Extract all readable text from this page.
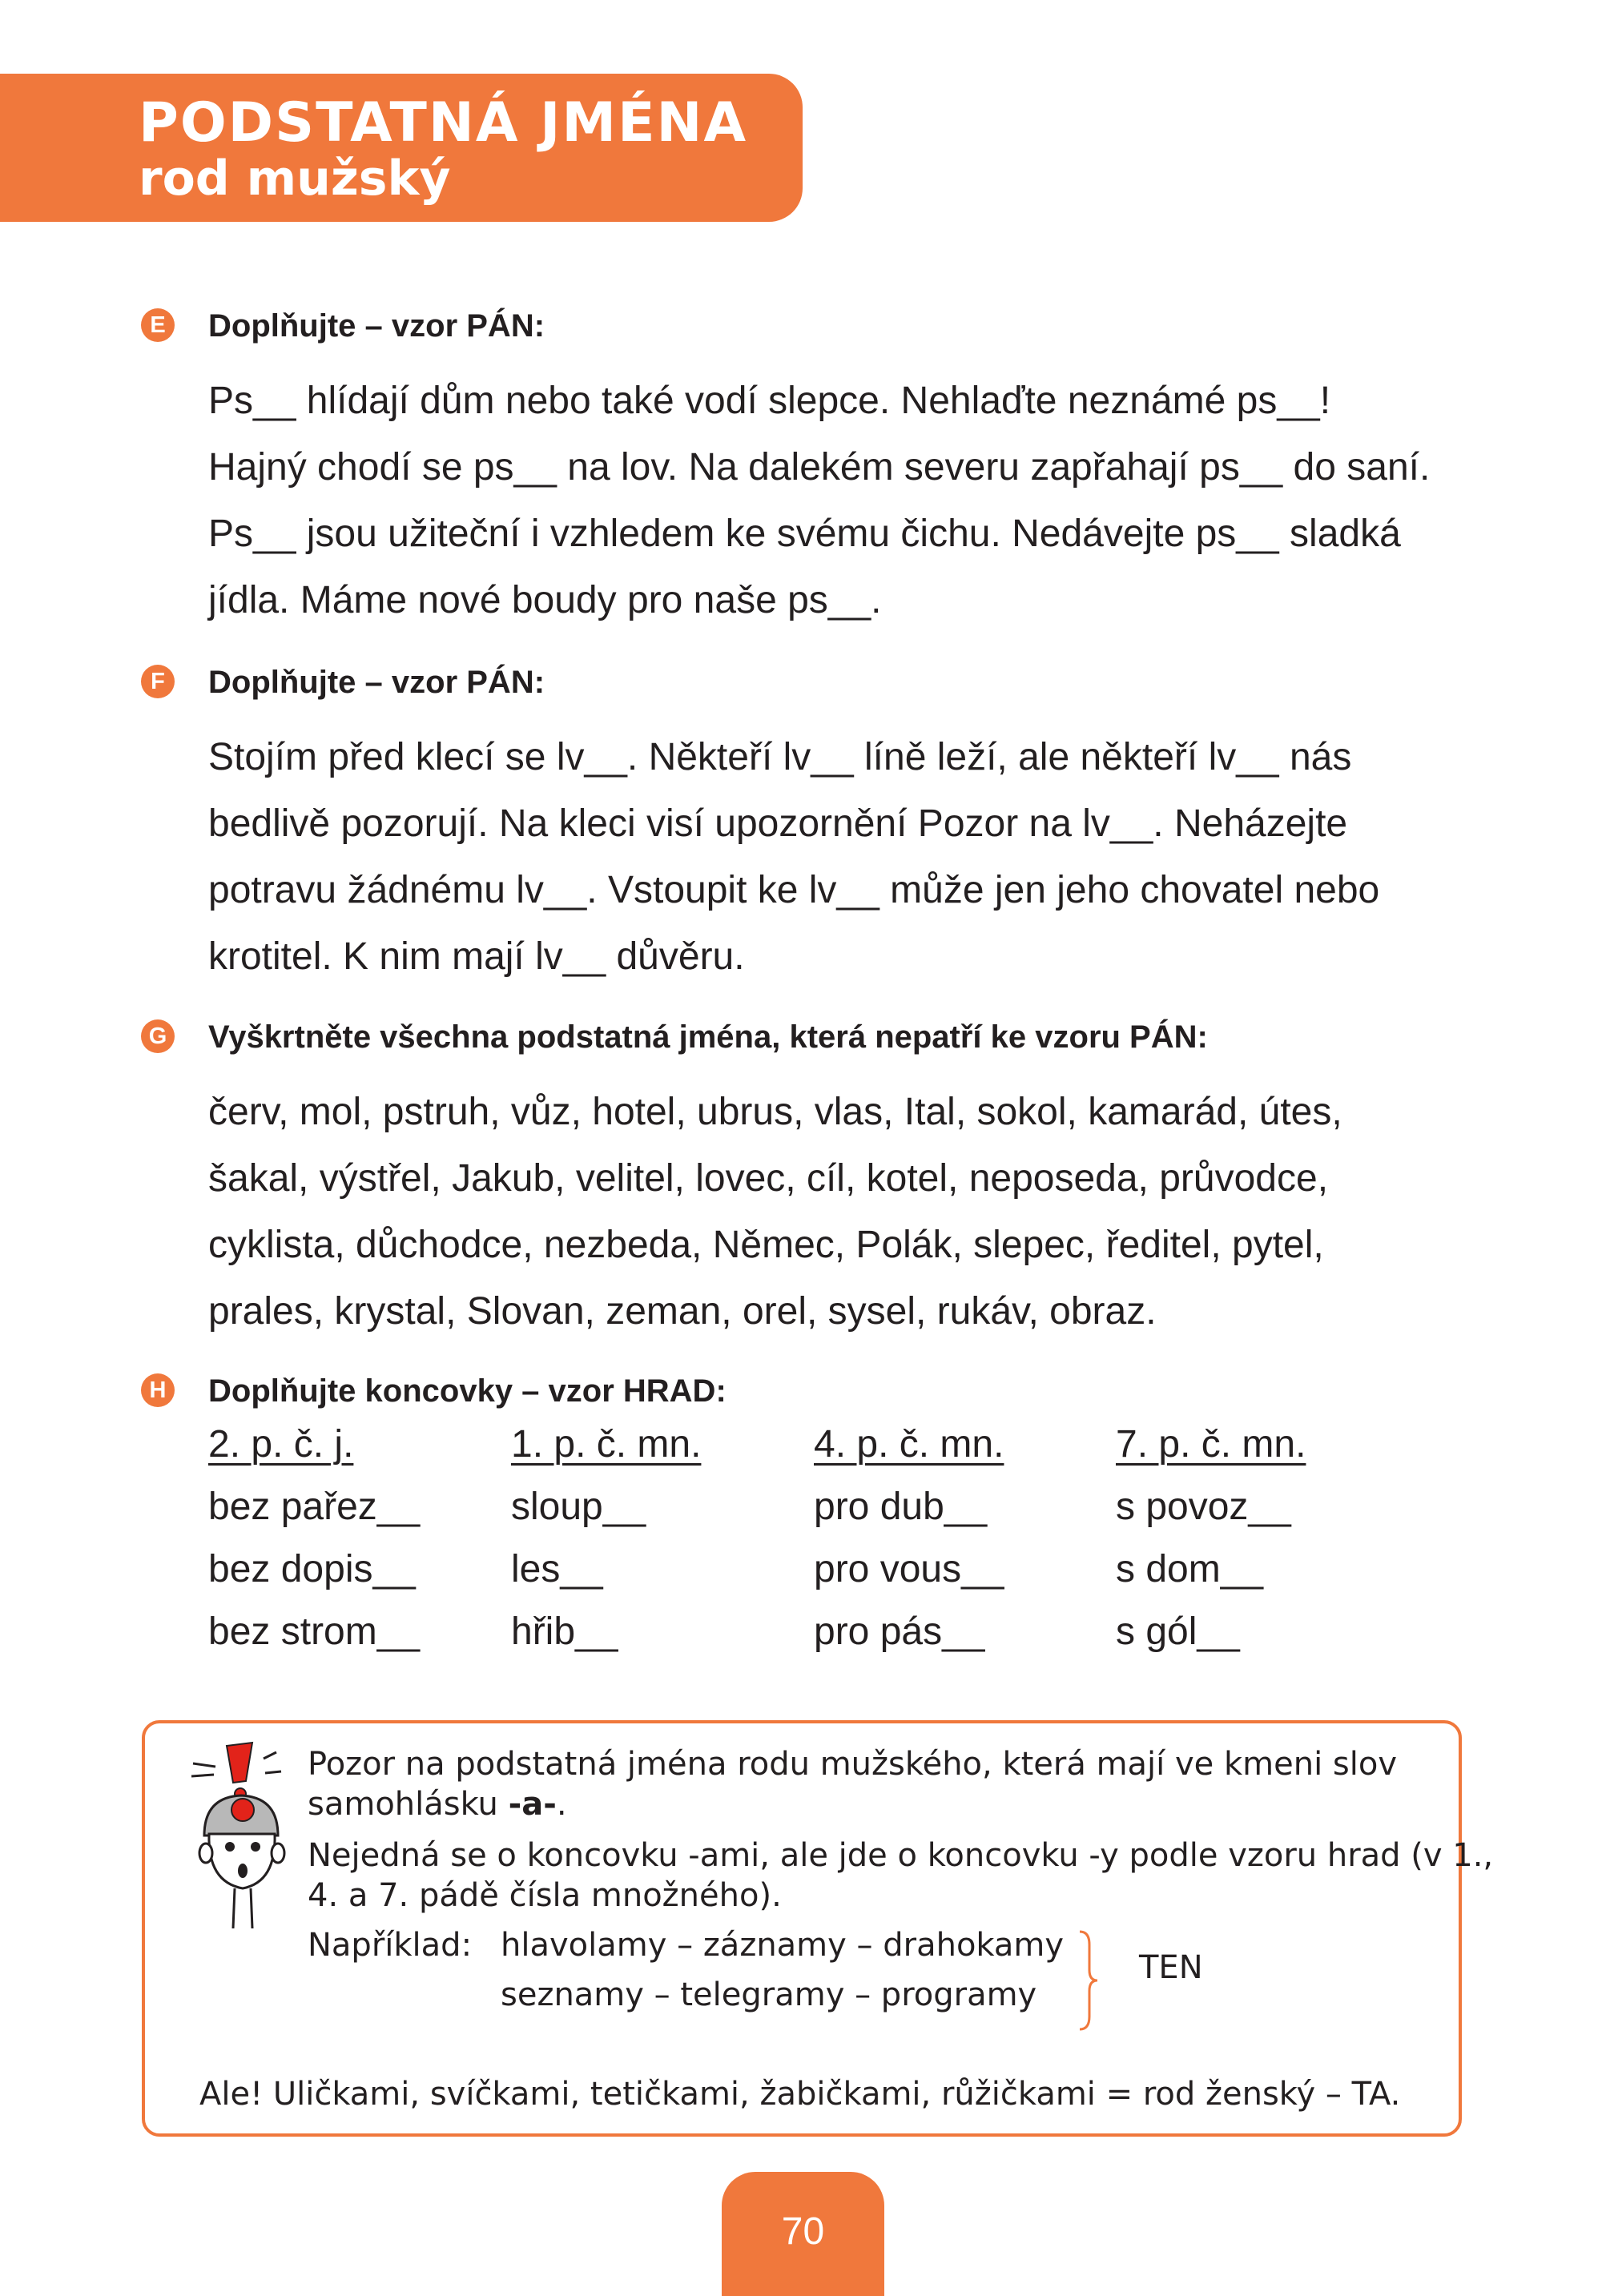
PODSTATNÁ JMÉNA
rod mužský
E Doplňujte – vzor PÁN:

Ps__ hlídají dům nebo také vodí slepce. Nehlaďte neznámé ps__!

Hajný chodí se ps__ na lov. Na dalekém severu zapřahají ps__ do saní.

Ps__ jsou užiteční i vzhledem ke svému čichu. Nedávejte ps__ sladká

jídla. Máme nové boudy pro naše ps__.

F	Doplňujte – vzor PÁN:

Stojím před klecí se lv__. Někteří lv__ líně leží, ale někteří lv__ nás

bedlivě pozorují. Na kleci visí upozornění Pozor na lv__. Neházejte

potravu žádnému lv__. Vstoupit ke lv__ může jen jeho chovatel nebo

krotitel. K nim mají lv__ důvěru.

G Vyškrtněte všechna podstatná jména, která nepatří ke vzoru PÁN:

červ, mol, pstruh, vůz, hotel, ubrus, vlas, Ital, sokol, kamarád, útes,

šakal, výstřel, Jakub, velitel, lovec, cíl, kotel, neposeda, průvodce,

cyklista, důchodce, nezbeda, Němec, Polák, slepec, ředitel, pytel,

prales, krystal, Slovan, zeman, orel, sysel, rukáv, obraz.

H Doplňujte koncovky – vzor HRAD:
2. p. č. j.
bez pařez__
bez dopis__
bez strom__
1. p. č. mn.
sloup__
les__
hřib__
4. p. č. mn.
pro dub__
pro vous__
pro pás__
7. p. č. mn.
s povoz__
s dom__
s gól__
Pozor na podstatná jména rodu mužského, která mají ve kmeni slov
samohlásku -a-.
Nejedná se o koncovku -ami, ale jde o koncovku -y podle vzoru hrad (v 1.,
4. a 7. pádě čísla množného).
Například: hlavolamy – záznamy – drahokamy
seznamy – telegramy – programy
TEN
Ale! Uličkami, svíčkami, tetičkami, žabičkami, růžičkami = rod ženský – TA.
70
